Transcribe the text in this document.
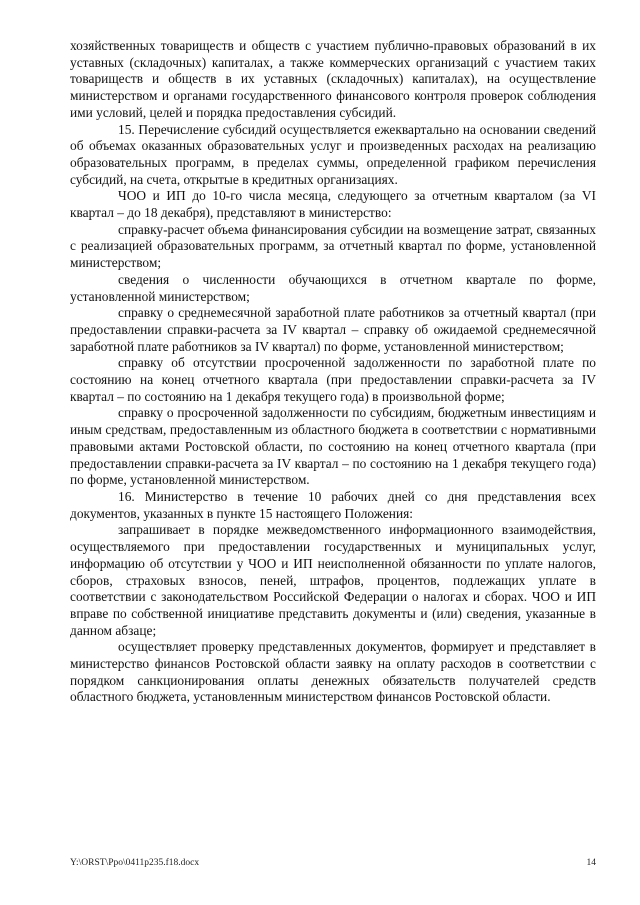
хозяйственных товариществ и обществ с участием публично-правовых образований в их уставных (складочных) капиталах, а также коммерческих организаций с участием таких товариществ и обществ в их уставных (складочных) капиталах), на осуществление министерством и органами государственного финансового контроля проверок соблюдения ими условий, целей и порядка предоставления субсидий.

15. Перечисление субсидий осуществляется ежеквартально на основании сведений об объемах оказанных образовательных услуг и произведенных расходах на реализацию образовательных программ, в пределах суммы, определенной графиком перечисления субсидий, на счета, открытые в кредитных организациях.

ЧОО и ИП до 10-го числа месяца, следующего за отчетным кварталом (за VI квартал – до 18 декабря), представляют в министерство:

справку-расчет объема финансирования субсидии на возмещение затрат, связанных с реализацией образовательных программ, за отчетный квартал по форме, установленной министерством;

сведения о численности обучающихся в отчетном квартале по форме, установленной министерством;

справку о среднемесячной заработной плате работников за отчетный квартал (при предоставлении справки-расчета за IV квартал – справку об ожидаемой среднемесячной заработной плате работников за IV квартал) по форме, установленной министерством;

справку об отсутствии просроченной задолженности по заработной плате по состоянию на конец отчетного квартала (при предоставлении справки-расчета за IV квартал – по состоянию на 1 декабря текущего года) в произвольной форме;

справку о просроченной задолженности по субсидиям, бюджетным инвестициям и иным средствам, предоставленным из областного бюджета в соответствии с нормативными правовыми актами Ростовской области, по состоянию на конец отчетного квартала (при предоставлении справки-расчета за IV квартал – по состоянию на 1 декабря текущего года) по форме, установленной министерством.

16. Министерство в течение 10 рабочих дней со дня представления всех документов, указанных в пункте 15 настоящего Положения:

запрашивает в порядке межведомственного информационного взаимодействия, осуществляемого при предоставлении государственных и муниципальных услуг, информацию об отсутствии у ЧОО и ИП неисполненной обязанности по уплате налогов, сборов, страховых взносов, пеней, штрафов, процентов, подлежащих уплате в соответствии с законодательством Российской Федерации о налогах и сборах. ЧОО и ИП вправе по собственной инициативе представить документы и (или) сведения, указанные в данном абзаце;

осуществляет проверку представленных документов, формирует и представляет в министерство финансов Ростовской области заявку на оплату расходов в соответствии с порядком санкционирования оплаты денежных обязательств получателей средств областного бюджета, установленным министерством финансов Ростовской области.

Y:\ORST\Ppo\0411p235.f18.docx	14
